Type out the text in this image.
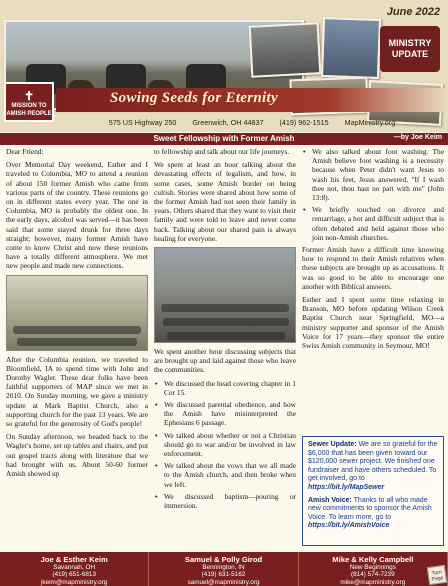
June 2022
MINISTRY UPDATE
✝
MISSION TO AMISH PEOPLE
Sowing Seeds for Eternity
575 US Highway 250 Greenwich, OH 44837 (419) 962-1515 MapMinistry.org
Sweet Fellowship with Former Amish	—by Joe Keim

Dear Friend:

Over Memorial Day weekend, Esther and I traveled to Columbia, MO to attend a reunion of about 150 former Amish who came from various parts of the country. These reunions go on in different states every year. The one in Columbia, MO is probably the oldest one. In the early days, alcohol was served—it has been said that some stayed drunk for three days straight; however, many former Amish have come to know Christ and now these reunions have a totally different atmosphere. We met new people and made new connections.

After the Columbia reunion, we traveled to Bloomfield, IA to spend time with John and Dorothy Wagler. These dear folks have been faithful supporters of MAP since we met in 2010. On Sunday morning, we gave a ministry update at Mark Baptist Church, also a supporting church for the past 13 years. We are so grateful for the generosity of God's people!

On Sunday afternoon, we headed back to the Wagler's home, set up tables and chairs, and put out gospel tracts along with literature that we had brought with us. About 50-60 former Amish showed up

to fellowship and talk about our life journeys.

We spent at least an hour talking about the devastating effects of legalism, and how, in some cases, some Amish border on being cultish. Stories were shared about how some of the former Amish had not seen their family in years. Others shared that they want to visit their family and were told to leave and never come back. Talking about our shared pain is always healing for everyone.

We spent another hour discussing subjects that are brought up and laid against those who leave the communities.

• We discussed the head covering chapter in 1 Cor 15.
• We discussed parental obedience, and how the Amish have misinterpreted the Ephesians 6 passage.
• We talked about whether or not a Christian should go to war and/or be involved in law enforcement.
• We talked about the vows that we all made to the Amish church, and then broke when we left.
• We discussed baptism—pouring or immersion.
• We also talked about foot washing. The Amish believe foot washing is a necessity because when Peter didn't want Jesus to wash his feet, Jesus answered, "If I wash thee not, thou hast no part with me" (John 13:8).
• We briefly touched on divorce and remarriage, a hot and difficult subject that is often debated and held against those who join non-Amish churches.

Former Amish have a difficult time knowing how to respond to their Amish relatives when these subjects are brought up as accusations. It was so good to be able to encourage one another with Biblical answers.

Esther and I spent some time relaxing in Branson, MO before updating Wilson Creek Baptist Church near Springfield, MO—a ministry supporter and sponsor of the Amish Voice for 17 years—they sponsor the entire Swiss Amish community in Seymour, MO!

Sewer Update: We are so grateful for the $6,000 that has been given toward our $120,000 sewer project. We finished one fundraiser and have others scheduled. To get involved, go to https://bit.ly/MapSewer

Amish Voice: Thanks to all who made new commitments to sponsor the Amish Voice. To learn more, go to https://bit.ly/AmishVoice

Joe & Esther Keim
Savannah, OH
(419) 651-6813
jkeim@mapministry.org
Samuel & Polly Girod
Bennington, IN
(419) 631-5162
samuel@mapministry.org
Mike & Kelly Campbell
New Beginnings
(814) 574-7239
mike@mapministry.org
Turn Page
